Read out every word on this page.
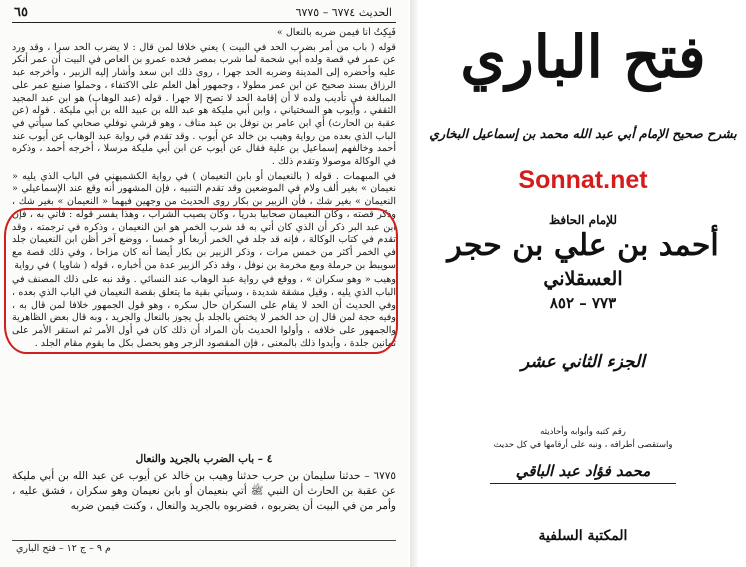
٦٥	الحديث ٦٧٧٤ – ٦٧٧٥

فَبِكِتُ أنا فيمن ضربه بالنعال »

قوله ( باب من أمر بضرب الحد في البيت ) يعني خلافا لمن قال : لا يضرب الحد سرا ، وقد ورد عن عمر في قصة ولده أبي شحمة لما شرب بمصر فحده عمرو بن العاص في البيت أن عمر أنكر عليه وأحضره إلى المدينة وضربه الحد جهرا ، روى ذلك ابن سعد وأشار إليه الزبير ، وأخرجه عبد الرزاق بسند صحيح عن ابن عمر مطولا ، وجمهور أهل العلم على الاكتفاء ، وحملوا صنيع عمر على المبالغة في تأديب ولده لا أن إقامة الحد لا تصح إلا جهرا . قوله (عبد الوهاب) هو ابن عبد المجيد الثقفي ، وأيوب هو السختياني ، وابن أبي مليكة هو عبد الله بن عبيد الله بن أبي مليكة . قوله (عن عقبة بن الحارث) أي ابن عامر بن نوفل بن عبد مناف ، وهو قرشي نوفلي صحابي كما سيأتي في الباب الذي بعده من رواية وهيب بن خالد عن أيوب . وقد تقدم في رواية عبد الوهاب عن أيوب عند أحمد وخالفهم إسماعيل بن علية فقال عن أيوب عن ابن أبي مليكة مرسلا ، أخرجه أحمد ، وذكره في الوكالة موصولا وتقدم ذلك .

في المبهمات . قوله ( بالنعيمان أو بابن النعيمان ) في رواية الكشميهني في الباب الذي يليه « نعيمان » بغير ألف ولام في الموضعين وقد تقدم التنبيه ، فإن المشهور أنه وقع عند الإسماعيلي « النعيمان » بغير شك ، فأن الزبير بن بكار روى الحديث من وجهين فيهما « النعيمان » بغير شك ، وذكر قصته ، وكان النعيمان صحابيا بدريا ، وكان يصيب الشراب ، وهذا يفسر قوله : فأتي به ، فإن ابن عبد البر ذكر أن الذي كان أتي به قد شرب الخمر هو ابن النعيمان ، وذكره في ترجمته ، وقد تقدم في كتاب الوكالة ، فإنه قد جلد في الخمر أربعا أو خمسا ، ووضع آخر أظن ابن النعيمان جلد في الخمر أكثر من خمس مرات ، وذكر الزبير بن بكار أيضا أنه كان مزاحا ، وفي ذلك قصة مع سويبط بن حرملة ومع مخرمة بن نوفل ، وقد ذكر الزبير عدة من أخباره ، قوله ( شاويا ) في رواية

وهيب « وهو سكران » ، ووقع في رواية عبد الوهاب عند النسائي . وقد نبه على ذلك المصنف في الباب الذي يليه ، وقيل مشقة شديدة ، وسيأتي بقية ما يتعلق بقصة النعيمان في الباب الذي بعده ، وفي الحديث أن الحد لا يقام على السكران حال سكره ، وهو قول الجمهور خلافا لمن قال به ، وفيه حجة لمن قال إن حد الخمر لا يختص بالجلد بل يجوز بالنعال والجريد ، وبه قال بعض الظاهرية والجمهور على خلافه ، وأولوا الحديث بأن المراد أن ذلك كان في أول الأمر ثم استقر الأمر على ثمانين جلدة ، وأيدوا ذلك بالمعنى ، فإن المقصود الزجر وهو يحصل بكل ما يقوم مقام الجلد .

٤ – باب الضرب بالجريد والنعال

٦٧٧٥ – حدثنا سليمان بن حرب حدثنا وهيب بن خالد عن أيوب عن عبد الله بن أبي مليكة عن عقبة بن الحارث أن النبي ﷺ أتي بنعيمان أو بابن نعيمان وهو سكران ، فشق عليه ، وأمر من في البيت أن يضربوه ، فضربوه بالجريد والنعال ، وكنت فيمن ضربه

م ٩ – ج ١٢ – فتح الباري
فتح الباري
بشرح صحيح الإمام أبي عبد الله محمد بن إسماعيل البخاري
Sonnat.net
للإمام الحافظ
أحمد بن علي بن حجر
العسقلاني
٧٧٣ – ٨٥٢
الجزء الثاني عشر
رقم كتبه وأبوابه وأحاديثه
واستقصى أطرافه ، ونبه على أرقامها في كل حديث
محمد فؤاد عبد الباقي
المكتبة السلفية
